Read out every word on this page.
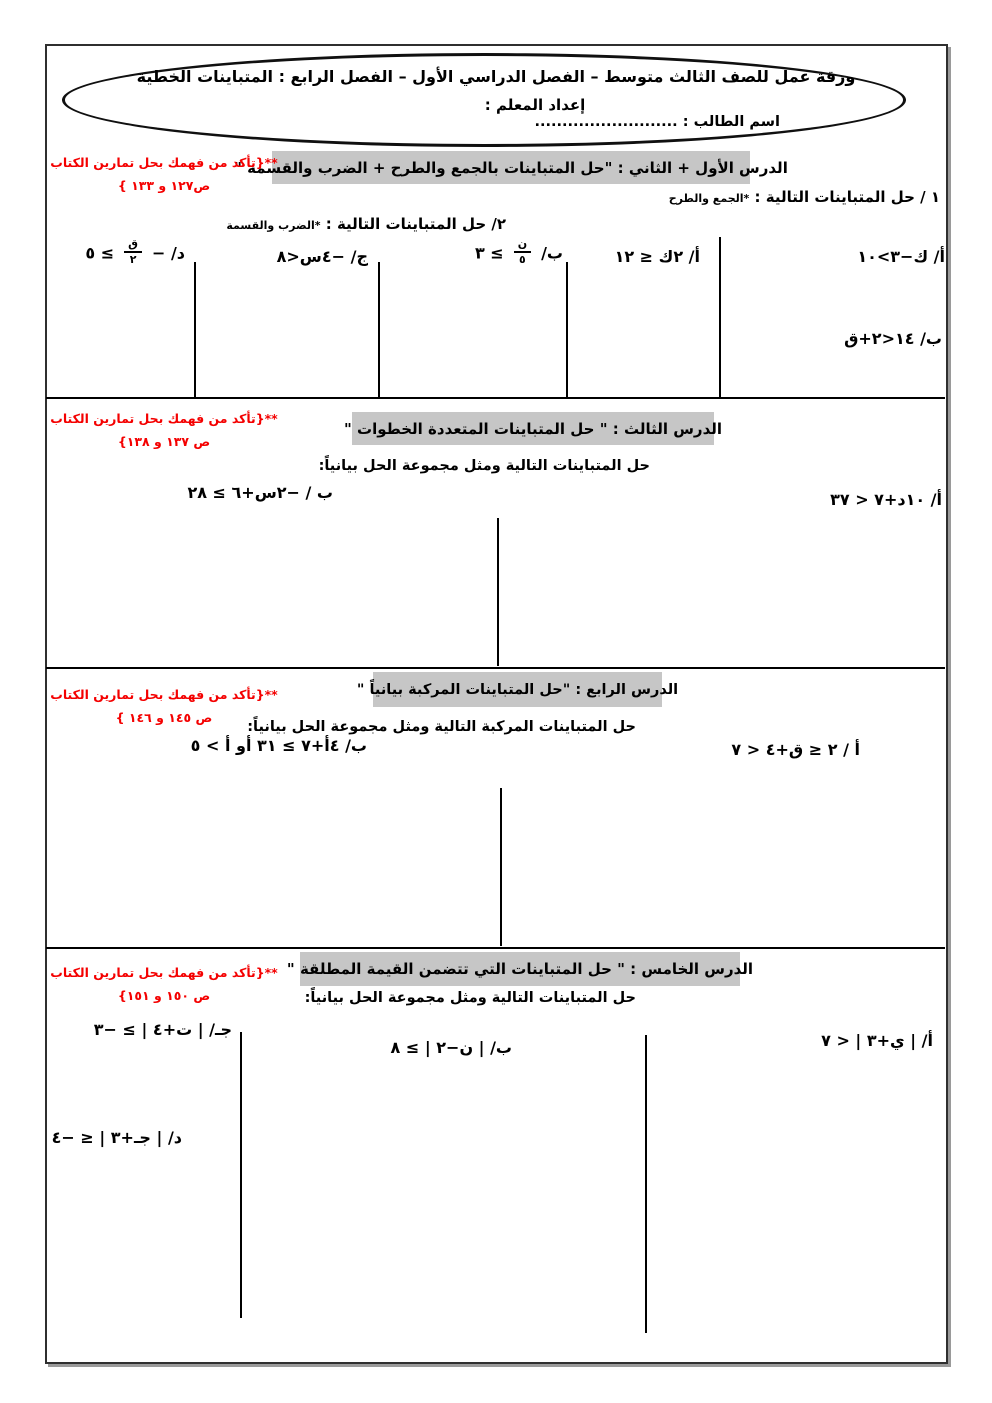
ورقة عمل للصف الثالث متوسط – الفصل الدراسي الأول – الفصل الرابع : المتباينات الخطية
إعداد المعلم :
اسم الطالب : ..........................
الدرس الأول + الثاني : "حل المتباينات بالجمع والطرح + الضرب والقسمة "
**{تأكد من فهمك بحل تمارين الكتاب
ص١٢٧ و ١٣٣ }
١ / حل المتباينات التالية : *الجمع والطرح
٢/ حل المتباينات التالية : *الضرب والقسمة
أ/ ك−٣>١٠
ب/ ١٤<٢+ق
أ/ ٢ك ≤ ١٢
ب/
$\frac{\text{ن}}{٥}$
≥ ٣
ج/ −٤س<٨
د/ −
$\frac{\text{ق}}{٢}$
≥ ٥
الدرس الثالث : " حل المتباينات المتعددة الخطوات "
**{تأكد من فهمك بحل تمارين الكتاب
ص ١٣٧ و ١٣٨}
حل المتباينات التالية ومثل مجموعة الحل بيانياً:
أ/ ١٠د+٧ < ٣٧
ب / −٢س+٦ ≥ ٢٨
الدرس الرابع : "حل المتباينات المركبة بيانياً "
**{تأكد من فهمك بحل تمارين الكتاب
ص ١٤٥ و ١٤٦ }
حل المتباينات المركبة التالية ومثل مجموعة الحل بيانياً:
أ / ٢ ≤ ق+٤ < ٧
ب/ ٤أ+٧ ≥ ٣١ أو أ > ٥
الدرس الخامس : " حل المتباينات التي تتضمن القيمة المطلقة "
**{تأكد من فهمك بحل تمارين الكتاب
ص ١٥٠ و ١٥١}	حل المتباينات التالية ومثل مجموعة الحل بيانياً:
أ/ | ي+٣ | < ٧
ب/ | ن−٢ | ≥ ٨
جـ/ | ت+٤ | ≥ −٣
د/ | جـ+٣ | ≤ −٤
